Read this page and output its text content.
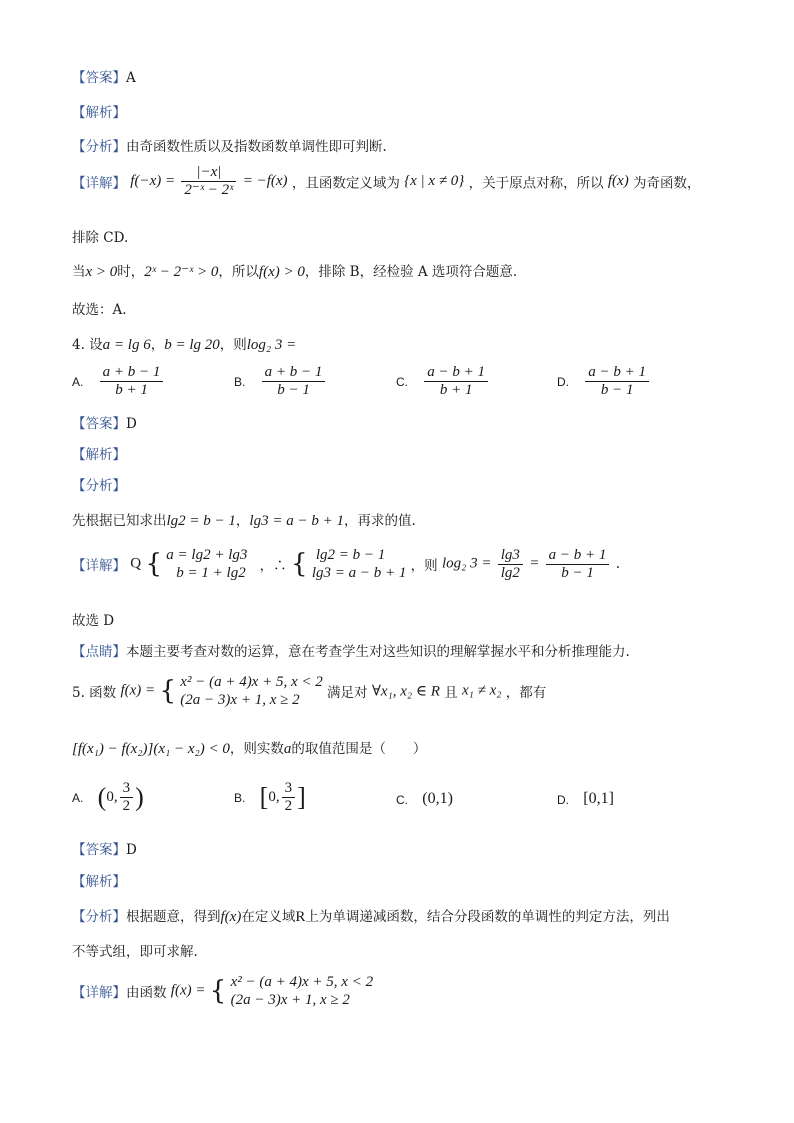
【答案】A
【解析】
【分析】由奇函数性质以及指数函数单调性即可判断.
【详解】 $f(-x) = \frac{|-x|}{\text{2⁻ˣ − 2ˣ}} = -f(x)$ ，且函数定义域为 {x | x ≠ 0} ，关于原点对称，所以 f(x) 为奇函数，
排除 CD.
当x > 0时，2ˣ − 2⁻ˣ > 0，所以f(x) > 0，排除 B，经检验 A 选项符合题意.
故选：A.
4. 设a = lg 6，b = lg 20，则log₂ 3 =
A. $\frac{a + b - 1}{b + 1}$	B. $\frac{a + b - 1}{b - 1}$	C. $\frac{a - b + 1}{b + 1}$	D. $\frac{a - b + 1}{b - 1}$
【答案】D
【解析】
【分析】
先根据已知求出lg2 = b − 1，lg3 = a − b + 1，再求的值.
【详解】 Q { a = lg2 + lg3
b = 1 + lg2 ，∴ { lg2 = b − 1
lg3 = a − b + 1 ，则 log₂ $3 = \frac{\lg 3}{\lg 2} = \frac{a - b + 1}{b - 1}$ .
故选 D
【点睛】本题主要考查对数的运算，意在考查学生对这些知识的理解掌握水平和分析推理能力.
5. 函数 f(x) = { x² − (a + 4)x + 5, x < 2
(2a − 3)x + 1, x ≥ 2	满足对 ∀x₁, x₂ ∈ R 且 x₁ ≠ x₂ ，都有
[f(x₁) − f(x₂)](x₁ − x₂) < 0，则实数a的取值范围是（　　）
A. (0, $\frac{3}{2}$ )	B. [0, $\frac{3}{2}$ ]	C. (0,1)	D. [0,1]
【答案】D
【解析】
【分析】根据题意，得到f(x)在定义域R上为单调递减函数，结合分段函数的单调性的判定方法，列出
不等式组，即可求解.
【详解】由函数 f(x) = { x² − (a + 4)x + 5, x < 2
(2a − 3)x + 1, x ≥ 2
